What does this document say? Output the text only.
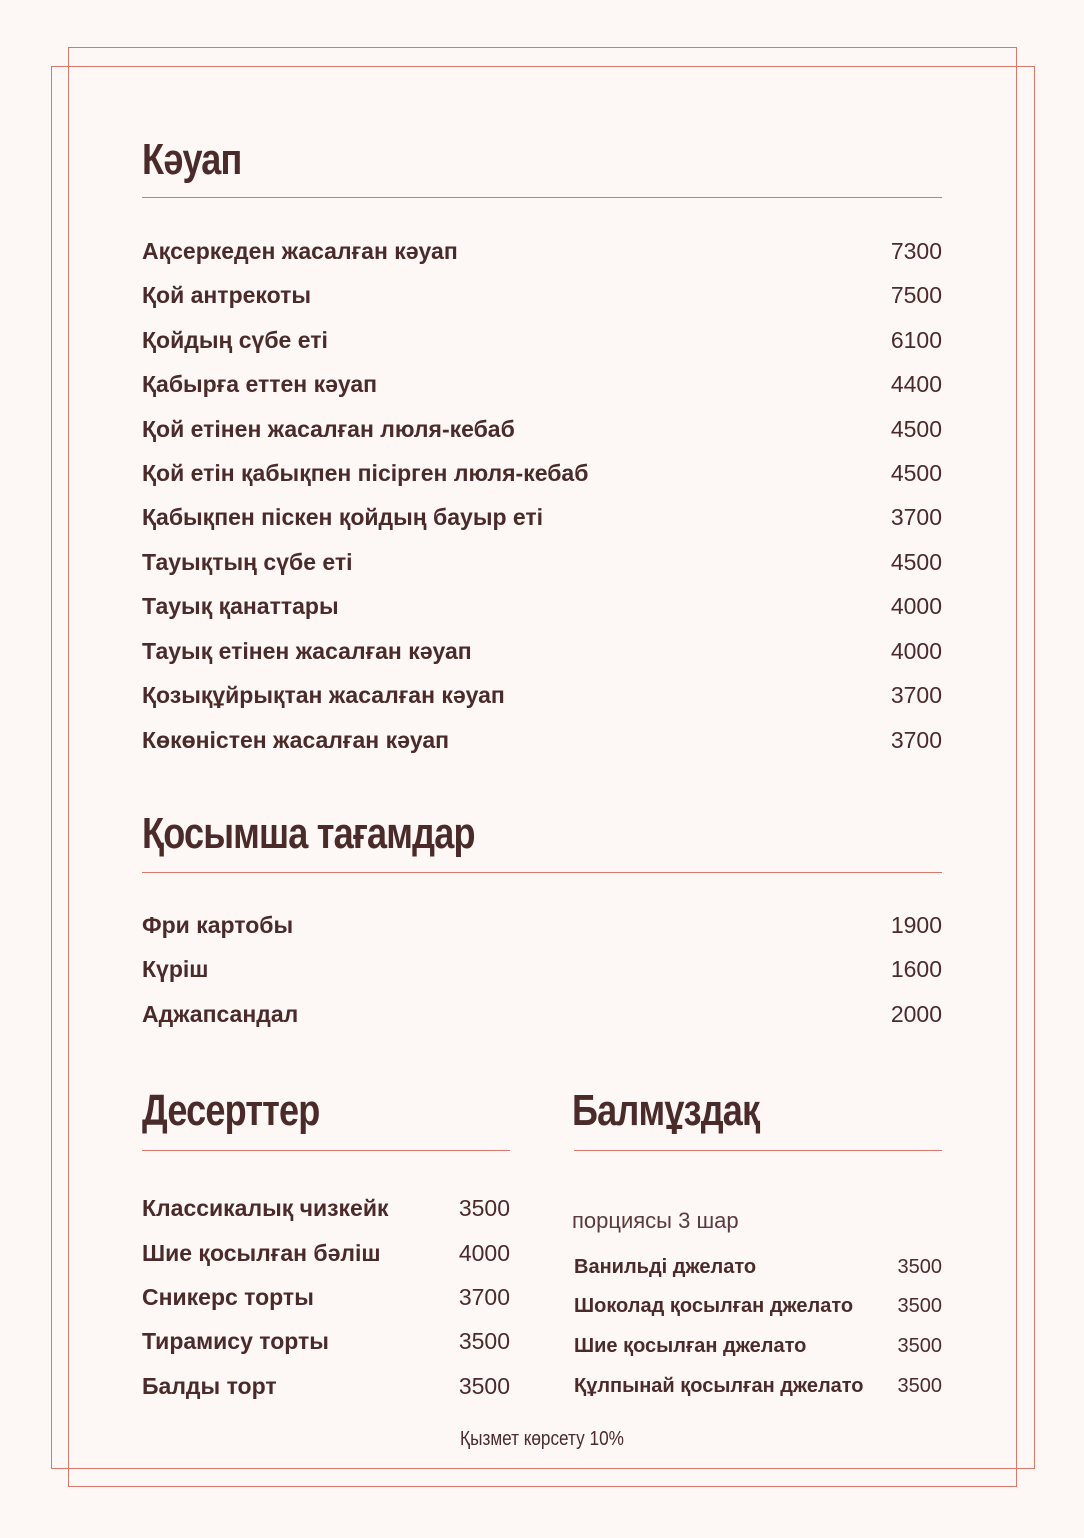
Кәуап
Ақсеркеден жасалған кәуап	7300
Қой антрекоты	7500
Қойдың сүбе еті	6100
Қабырға еттен кәуап	4400
Қой етінен жасалған люля-кебаб	4500
Қой етін қабықпен пісірген люля-кебаб	4500
Қабықпен піскен қойдың бауыр еті	3700
Тауықтың сүбе еті	4500
Тауық қанаттары	4000
Тауық етінен жасалған кәуап	4000
Қозықұйрықтан жасалған кәуап	3700
Көкөністен жасалған кәуап	3700
Қосымша тағамдар
Фри картобы	1900
Күріш	1600
Аджапсандал	2000
Десерттер
Классикалық чизкейк	3500
Шие қосылған бәліш	4000
Сникерс торты	3700
Тирамису торты	3500
Балды торт	3500
Балмұздақ
порциясы 3 шар
Ванильді джелато	3500
Шоколад қосылған джелато 3500
Шие қосылған джелато	3500
Құлпынай қосылған джелато 3500
Қызмет көрсету 10%
